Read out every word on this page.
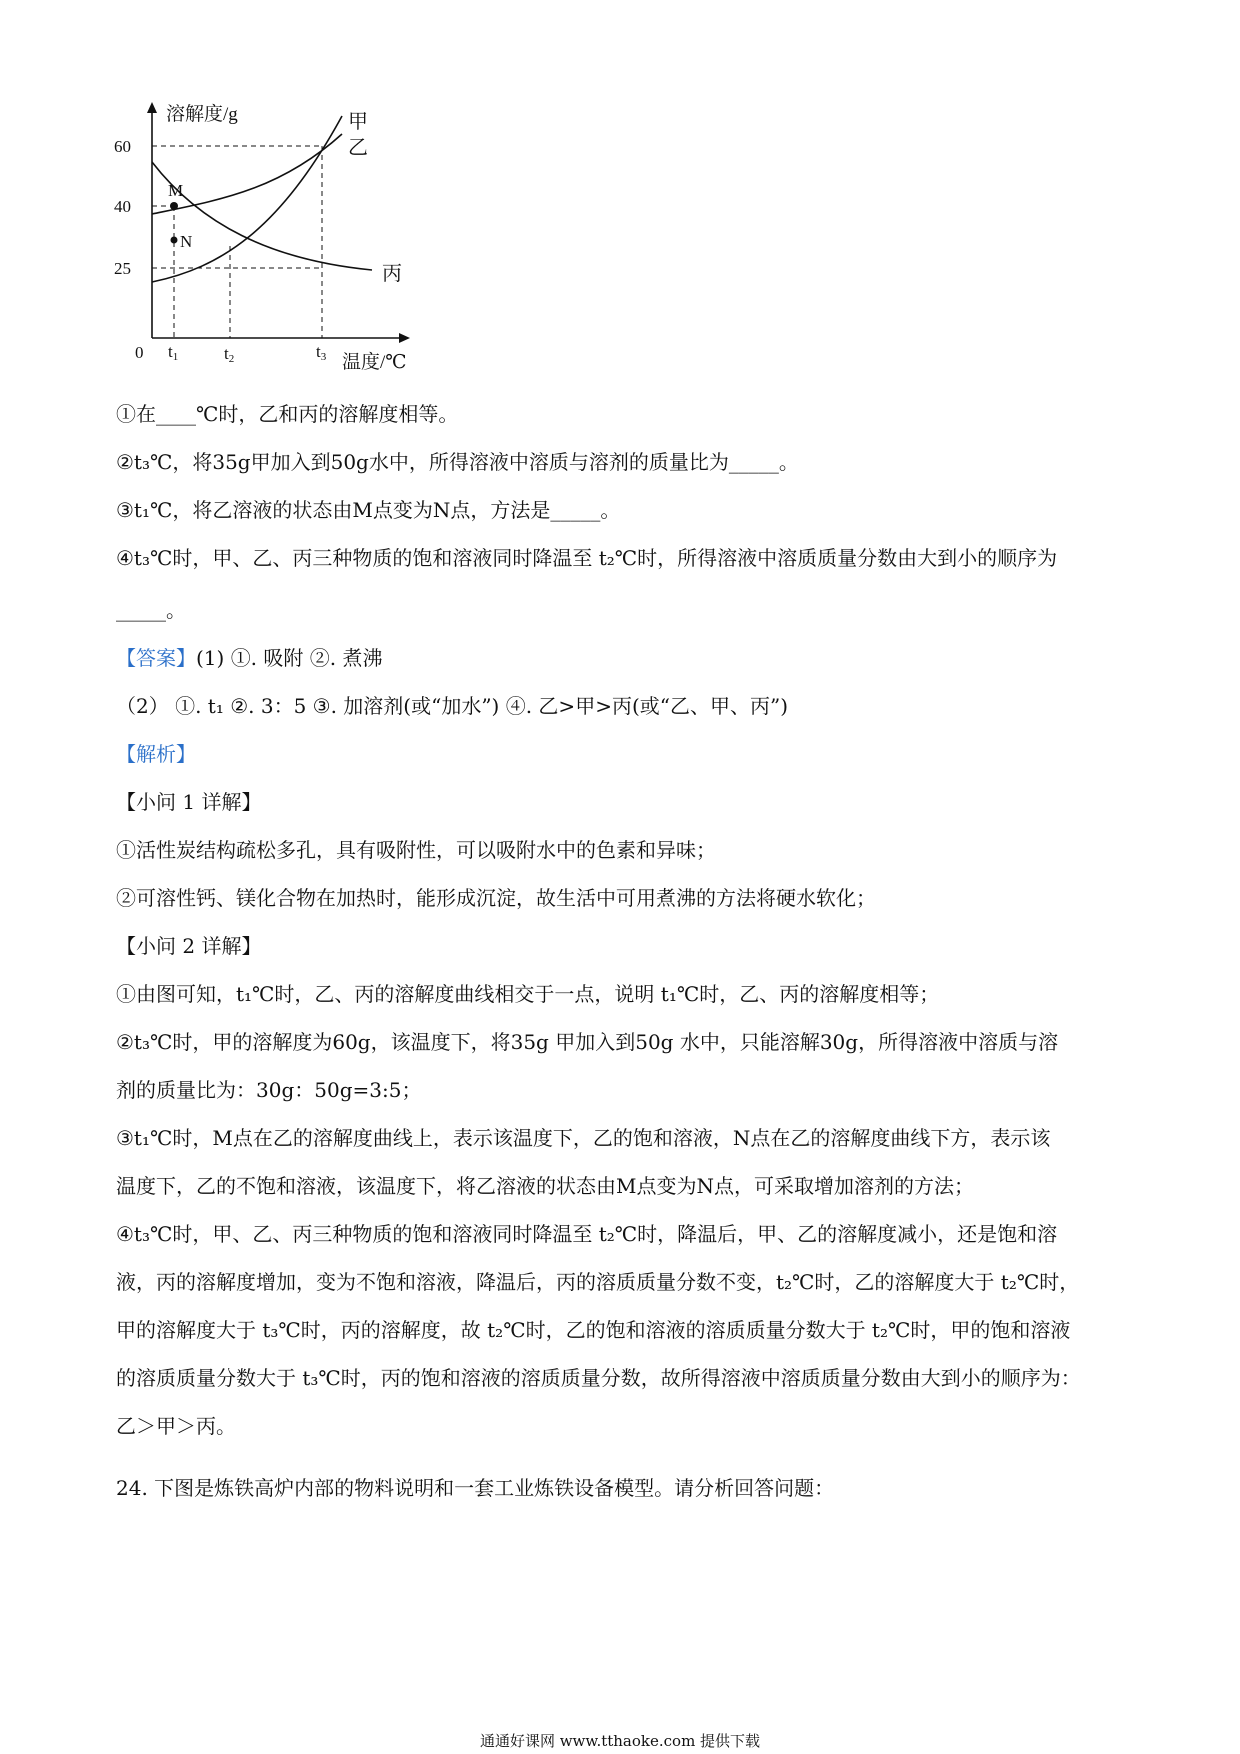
溶解度/g
温度/℃
0
60
40
25
t1	t2	t3
甲
乙
丙
M
N
①在____℃时，乙和丙的溶解度相等。
②t₃℃，将35g甲加入到50g水中，所得溶液中溶质与溶剂的质量比为_____。
③t₁℃，将乙溶液的状态由M点变为N点，方法是_____。
④t₃℃时，甲、乙、丙三种物质的饱和溶液同时降温至 t₂℃时，所得溶液中溶质质量分数由大到小的顺序为
_____。
【答案】(1) ①. 吸附 ②. 煮沸
（2） ①. t₁ ②. 3：5 ③. 加溶剂(或“加水”) ④. 乙>甲>丙(或“乙、甲、丙”)
【解析】
【小问 1 详解】
①活性炭结构疏松多孔，具有吸附性，可以吸附水中的色素和异味；
②可溶性钙、镁化合物在加热时，能形成沉淀，故生活中可用煮沸的方法将硬水软化；
【小问 2 详解】
①由图可知，t₁℃时，乙、丙的溶解度曲线相交于一点，说明 t₁℃时，乙、丙的溶解度相等；
②t₃℃时，甲的溶解度为60g，该温度下，将35g 甲加入到50g 水中，只能溶解30g，所得溶液中溶质与溶
剂的质量比为：30g：50g=3:5；
③t₁℃时，M点在乙的溶解度曲线上，表示该温度下，乙的饱和溶液，N点在乙的溶解度曲线下方，表示该
温度下，乙的不饱和溶液，该温度下，将乙溶液的状态由M点变为N点，可采取增加溶剂的方法；
④t₃℃时，甲、乙、丙三种物质的饱和溶液同时降温至 t₂℃时，降温后，甲、乙的溶解度减小，还是饱和溶
液，丙的溶解度增加，变为不饱和溶液，降温后，丙的溶质质量分数不变，t₂℃时，乙的溶解度大于 t₂℃时，
甲的溶解度大于 t₃℃时，丙的溶解度，故 t₂℃时，乙的饱和溶液的溶质质量分数大于 t₂℃时，甲的饱和溶液
的溶质质量分数大于 t₃℃时，丙的饱和溶液的溶质质量分数，故所得溶液中溶质质量分数由大到小的顺序为：
乙＞甲＞丙。
24. 下图是炼铁高炉内部的物料说明和一套工业炼铁设备模型。请分析回答问题：
通通好课网 www.tthaoke.com 提供下载
